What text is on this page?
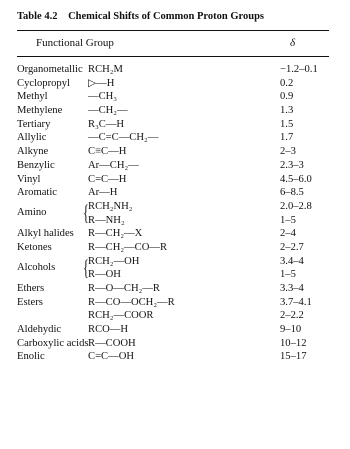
Table 4.2 Chemical Shifts of Common Proton Groups
Functional Group	δ
Organometallic RCH₂M	−1.2–0.1
Cyclopropyl ▷—H	0.2
Methyl	—CH₃	0.9
Methylene —CH₂—	1.3
Tertiary	R₃C—H	1.5
Allylic	—C=C—CH₂—	1.7
Alkyne	C≡C—H	2–3
Benzylic	Ar—CH₂—	2.3–3
Vinyl	C=C—H	4.5–6.0
Aromatic	Ar—H	6–8.5
Amino { RCH₂NH₂	2.0–2.8
R—NH₂	1–5
Alkyl halides R—CH₂—X	2–4
Ketones	R—CH₂—CO—R	2–2.7
Alcohols { RCH₂—OH	3.4–4
R—OH	1–5
Ethers	R—O—CH₂—R	3.3–4
Esters	R—CO—OCH₂—R	3.7–4.1
RCH₂—COOR	2–2.2
Aldehydic	RCO—H	9–10
Carboxylic acids R—COOH	10–12
Enolic	C=C—OH	15–17
